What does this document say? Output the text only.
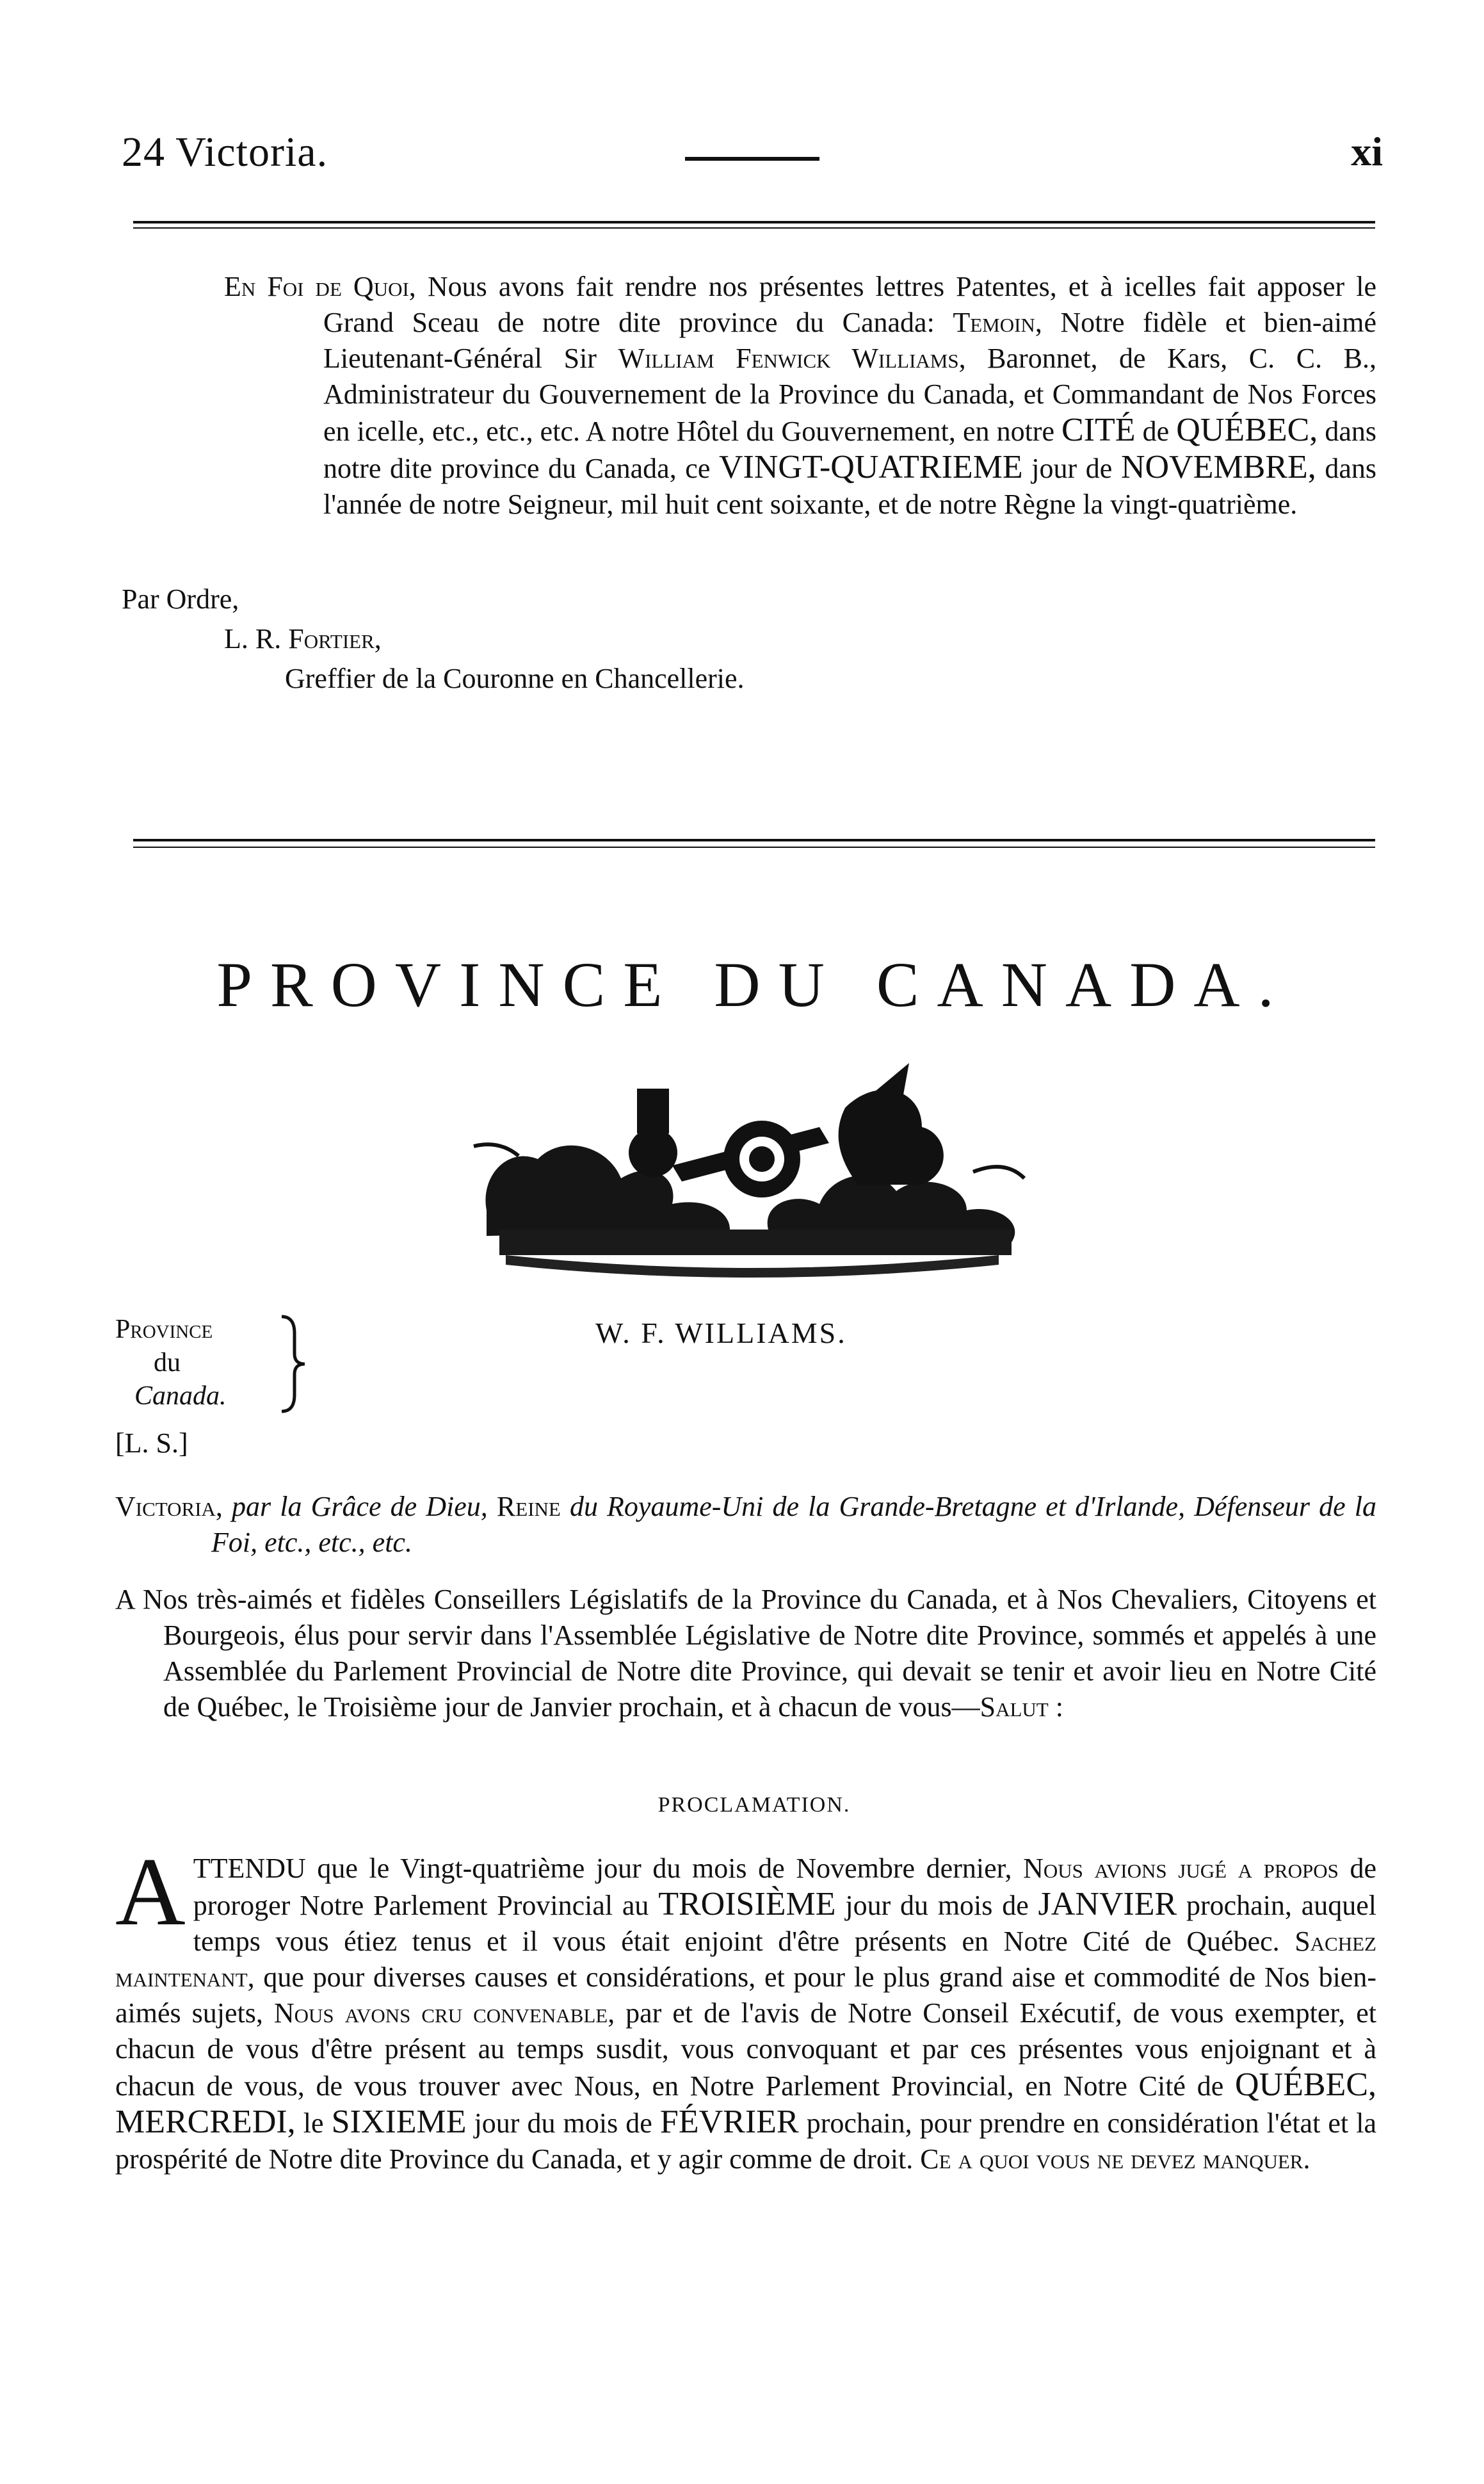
24 Victoria.	xi
En Foi de Quoi, Nous avons fait rendre nos présentes lettres Patentes, et à icelles fait apposer le Grand Sceau de notre dite province du Canada: Temoin, Notre fidèle et bien-aimé Lieutenant-Général Sir William Fenwick Williams, Baronnet, de Kars, C. C. B., Administrateur du Gouvernement de la Province du Canada, et Commandant de Nos Forces en icelle, etc., etc., etc. A notre Hôtel du Gouvernement, en notre CITÉ de QUÉBEC, dans notre dite province du Canada, ce VINGT-QUATRIEME jour de NOVEMBRE, dans l'année de notre Seigneur, mil huit cent soixante, et de notre Règne la vingt-quatrième.
Par Ordre,
L. R. Fortier,
Greffier de la Couronne en Chancellerie.
PROVINCE DU CANADA.
Province
du
Canada.
[L. S.]
W. F. WILLIAMS.

Victoria, par la Grâce de Dieu, Reine du Royaume-Uni de la Grande-Bretagne et d'Irlande, Défenseur de la Foi, etc., etc., etc.

A Nos très-aimés et fidèles Conseillers Législatifs de la Province du Canada, et à Nos Chevaliers, Citoyens et Bourgeois, élus pour servir dans l'Assemblée Législative de Notre dite Province, sommés et appelés à une Assemblée du Parlement Provincial de Notre dite Province, qui devait se tenir et avoir lieu en Notre Cité de Québec, le Troisième jour de Janvier prochain, et à chacun de vous—Salut :

PROCLAMATION.

ATTENDU que le Vingt-quatrième jour du mois de Novembre dernier, Nous avions jugé a propos de proroger Notre Parlement Provincial au TROISIÈME jour du mois de JANVIER prochain, auquel temps vous étiez tenus et il vous était enjoint d'être présents en Notre Cité de Québec. Sachez maintenant, que pour diverses causes et considérations, et pour le plus grand aise et commodité de Nos bien-aimés sujets, Nous avons cru convenable, par et de l'avis de Notre Conseil Exécutif, de vous exempter, et chacun de vous d'être présent au temps susdit, vous convoquant et par ces présentes vous enjoignant et à chacun de vous, de vous trouver avec Nous, en Notre Parlement Provincial, en Notre Cité de QUÉBEC, MERCREDI, le SIXIEME jour du mois de FÉVRIER prochain, pour prendre en considération l'état et la prospérité de Notre dite Province du Canada, et y agir comme de droit. Ce a quoi vous ne devez manquer.
